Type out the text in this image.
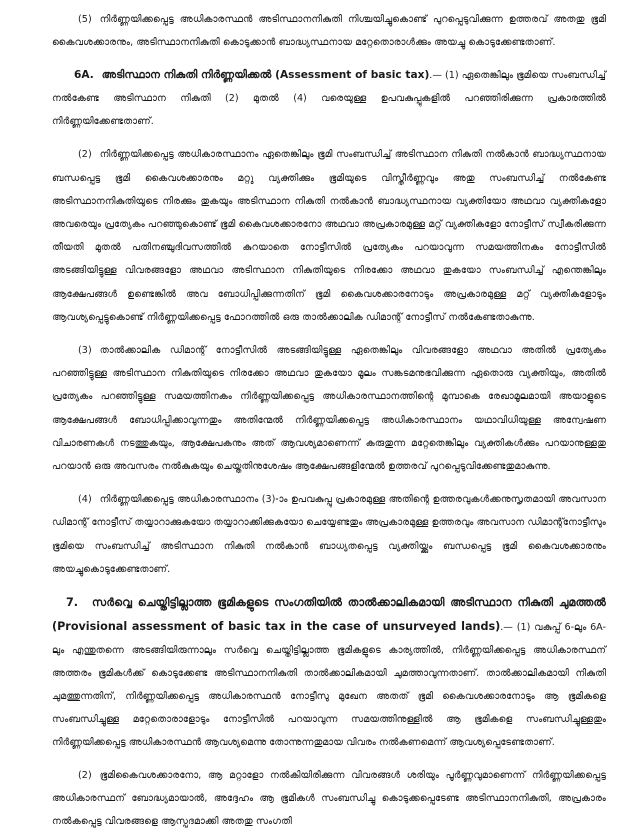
(5) നിർണ്ണയിക്കപ്പെട്ട അധികാരസ്ഥൻ അടിസ്ഥാനനികുതി നിശ്ചയിച്ചുകൊണ്ട് പുറപ്പെടുവിക്കുന്ന ഉത്തരവ് അതതു ഭൂമി കൈവശക്കാരനും, അടിസ്ഥാനനികുതി കൊടുക്കാൻ ബാദ്ധ്യസ്ഥനായ മറ്റേതൊരാൾക്കും അയച്ചു കൊടുക്കേണ്ടതാണ്.

6A. അടിസ്ഥാന നികുതി നിർണ്ണയിക്കൽ (Assessment of basic tax).— (1) ഏതെങ്കിലും ഭൂമിയെ സംബന്ധിച്ച് നൽകേണ്ട അടിസ്ഥാന നികുതി (2) മുതൽ (4) വരെയുള്ള ഉപവകുപ്പുകളിൽ പറഞ്ഞിരിക്കുന്ന പ്രകാരത്തിൽ നിർണ്ണയിക്കേണ്ടതാണ്.

(2) നിർണ്ണയിക്കപ്പെട്ട അധികാരസ്ഥാനം ഏതെങ്കിലും ഭൂമി സംബന്ധിച്ച് അടിസ്ഥാന നികുതി നൽകാൻ ബാദ്ധ്യസ്ഥനായ ബന്ധപ്പെട്ട ഭൂമി കൈവശക്കാരനും മറ്റു വ്യക്തിക്കും ഭൂമിയുടെ വിസ്തീർണ്ണവും അതു സംബന്ധിച്ച് നൽകേണ്ട അടിസ്ഥാനനികുതിയുടെ നിരക്കും തുകയും അടിസ്ഥാന നികുതി നൽകാൻ ബാദ്ധ്യസ്ഥനായ വ്യക്തിയോ അഥവാ വ്യക്തികളോ അവരെയും പ്രത്യേകം പറഞ്ഞുകൊണ്ട് ഭൂമി കൈവശക്കാരനോ അഥവാ അപ്രകാരമുള്ള മറ്റ് വ്യക്തികളോ നോട്ടീസ് സ്വീകരിക്കുന്ന തീയതി മുതൽ പതിനഞ്ചുദിവസത്തിൽ കുറയാതെ നോട്ടീസിൽ പ്രത്യേകം പറയാവുന്ന സമയത്തിനകം നോട്ടീസിൽ അടങ്ങിയിട്ടുള്ള വിവരങ്ങളോ അഥവാ അടിസ്ഥാന നികുതിയുടെ നിരക്കോ അഥവാ തുകയോ സംബന്ധിച്ച് എന്തെങ്കിലും ആക്ഷേപങ്ങൾ ഉണ്ടെങ്കിൽ അവ ബോധിപ്പിക്കുന്നതിന് ഭൂമി കൈവശക്കാരനോടും അപ്രകാരമുള്ള മറ്റ് വ്യക്തികളോടും ആവശ്യപ്പെട്ടുകൊണ്ട് നിർണ്ണയിക്കപ്പെട്ട ഫോറത്തിൽ ഒരു താൽക്കാലിക ഡിമാന്റ് നോട്ടീസ് നൽകേണ്ടതാകുന്നു.

(3) താൽക്കാലിക ഡിമാന്റ് നോട്ടീസിൽ അടങ്ങിയിട്ടുള്ള ഏതെങ്കിലും വിവരങ്ങളോ അഥവാ അതിൽ പ്രത്യേകം പറഞ്ഞിട്ടുള്ള അടിസ്ഥാന നികുതിയുടെ നിരക്കോ അഥവാ തുകയോ മൂലം സങ്കടമനുഭവിക്കുന്ന ഏതൊരു വ്യക്തിയും, അതിൽ പ്രത്യേകം പറഞ്ഞിട്ടുള്ള സമയത്തിനകം നിർണ്ണയിക്കപ്പെട്ട അധികാരസ്ഥാനത്തിന്റെ മുമ്പാകെ രേഖാമൂലമായി അയാളുടെ ആക്ഷേപങ്ങൾ ബോധിപ്പിക്കാവുന്നതും അതിന്മേൽ നിർണ്ണയിക്കപ്പെട്ട അധികാരസ്ഥാനം യഥാവിധിയുള്ള അന്വേഷണ വിചാരണകൾ നടത്തുകയും, ആക്ഷേപകനും അത് ആവശ്യമാണെന്ന് കരുതുന്ന മറ്റേതെങ്കിലും വ്യക്തികൾക്കും പറയാനുള്ളതു പറയാൻ ഒരു അവസരം നൽകുകയും ചെയ്തതിനുശേഷം ആക്ഷേപങ്ങളിന്മേൽ ഉത്തരവ് പുറപ്പെടുവിക്കേണ്ടതുമാകുന്നു.

(4) നിർണ്ണയിക്കപ്പെട്ട അധികാരസ്ഥാനം (3)-ാം ഉപവകുപ്പു പ്രകാരമുള്ള അതിന്റെ ഉത്തരവുകൾക്കനുസൃതമായി അവസാന ഡിമാന്റ് നോട്ടീസ് തയ്യാറാക്കുകയോ തയ്യാറാക്കിക്കുകയോ ചെയ്യേണ്ടതും അപ്രകാരമുള്ള ഉത്തരവും അവസാന ഡിമാന്റ്നോട്ടീസും ഭൂമിയെ സംബന്ധിച്ച് അടിസ്ഥാന നികുതി നൽകാൻ ബാധ്യതപ്പെട്ട വ്യക്തിയ്ക്കും ബന്ധപ്പെട്ട ഭൂമി കൈവശക്കാരനും അയച്ചുകൊടുക്കേണ്ടതാണ്.

7. സർവ്വെ ചെയ്തിട്ടില്ലാത്ത ഭൂമികളുടെ സംഗതിയിൽ താൽക്കാലികമായി അടിസ്ഥാന നികുതി ചുമത്തൽ (Provisional assessment of basic tax in the case of unsurveyed lands).— (1) വകുപ്പ് 6-ലും 6A- ലും എന്തുതന്നെ അടങ്ങിയിരുന്നാലും സർവ്വെ ചെയ്തിട്ടില്ലാത്ത ഭൂമികളുടെ കാര്യത്തിൽ, നിർണ്ണയിക്കപ്പെട്ട അധികാരസ്ഥന് അത്തരം ഭൂമികൾക്ക് കൊടുക്കേണ്ട അടിസ്ഥാനനികുതി താൽക്കാലികമായി ചുമത്താവുന്നതാണ്. താൽക്കാലികമായി നികുതി ചുമത്തുന്നതിന്, നിർണ്ണയിക്കപ്പെട്ട അധികാരസ്ഥൻ നോട്ടീസു മുഖേന അതത് ഭൂമി കൈവശക്കാരനോടും ആ ഭൂമികളെ സംബന്ധിച്ചുള്ള മറ്റേതൊരാളോടും നോട്ടീസിൽ പറയാവുന്ന സമയത്തിനുള്ളിൽ ആ ഭൂമികളെ സംബന്ധിച്ചുള്ളതും നിർണ്ണയിക്കപ്പെട്ട അധികാരസ്ഥൻ ആവശ്യമെന്നു തോന്നുന്നതുമായ വിവരം നൽകണമെന്ന് ആവശ്യപ്പെടേണ്ടതാണ്.

(2) ഭൂമികൈവശക്കാരനോ, ആ മറ്റാളോ നൽകിയിരിക്കുന്ന വിവരങ്ങൾ ശരിയും പൂർണ്ണവുമാണെന്ന് നിർണ്ണയിക്കപ്പെട്ട അധികാരസ്ഥന് ബോദ്ധ്യമായാൽ, അദ്ദേഹം ആ ഭൂമികൾ സംബന്ധിച്ചു കൊടുക്കപ്പെടേണ്ട അടിസ്ഥാനനികുതി, അപ്രകാരം നൽകപ്പെട്ട വിവരങ്ങളെ ആസ്പദമാക്കി അതതു സംഗതി
